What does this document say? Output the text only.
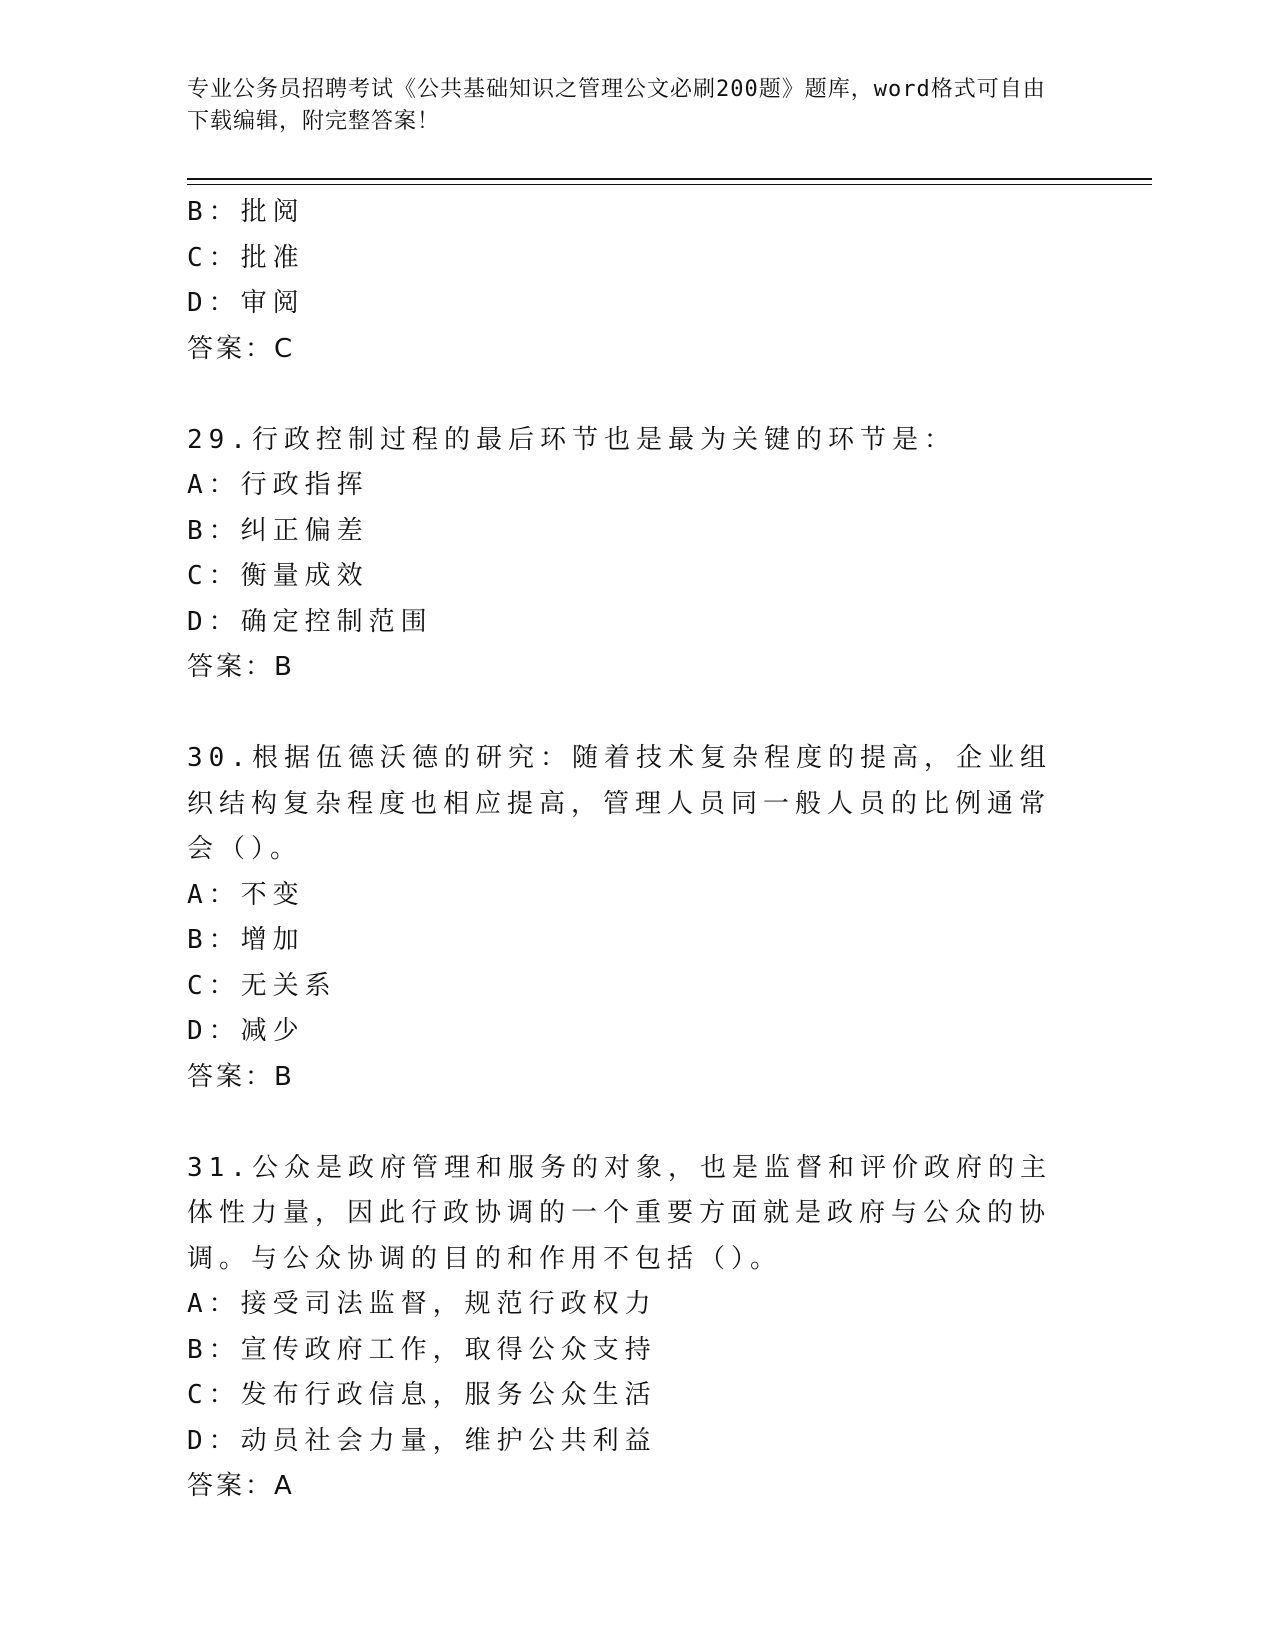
专业公务员招聘考试《公共基础知识之管理公文必刷200题》题库，word格式可自由下载编辑，附完整答案！
B：批阅
C：批准
D：审阅
答案：C
29.行政控制过程的最后环节也是最为关键的环节是：
A：行政指挥
B：纠正偏差
C：衡量成效
D：确定控制范围
答案：B
30.根据伍德沃德的研究：随着技术复杂程度的提高，企业组织结构复杂程度也相应提高，管理人员同一般人员的比例通常会（）。
A：不变
B：增加
C：无关系
D：减少
答案：B
31.公众是政府管理和服务的对象，也是监督和评价政府的主体性力量，因此行政协调的一个重要方面就是政府与公众的协调。与公众协调的目的和作用不包括（）。
A：接受司法监督，规范行政权力
B：宣传政府工作，取得公众支持
C：发布行政信息，服务公众生活
D：动员社会力量，维护公共利益
答案：A
